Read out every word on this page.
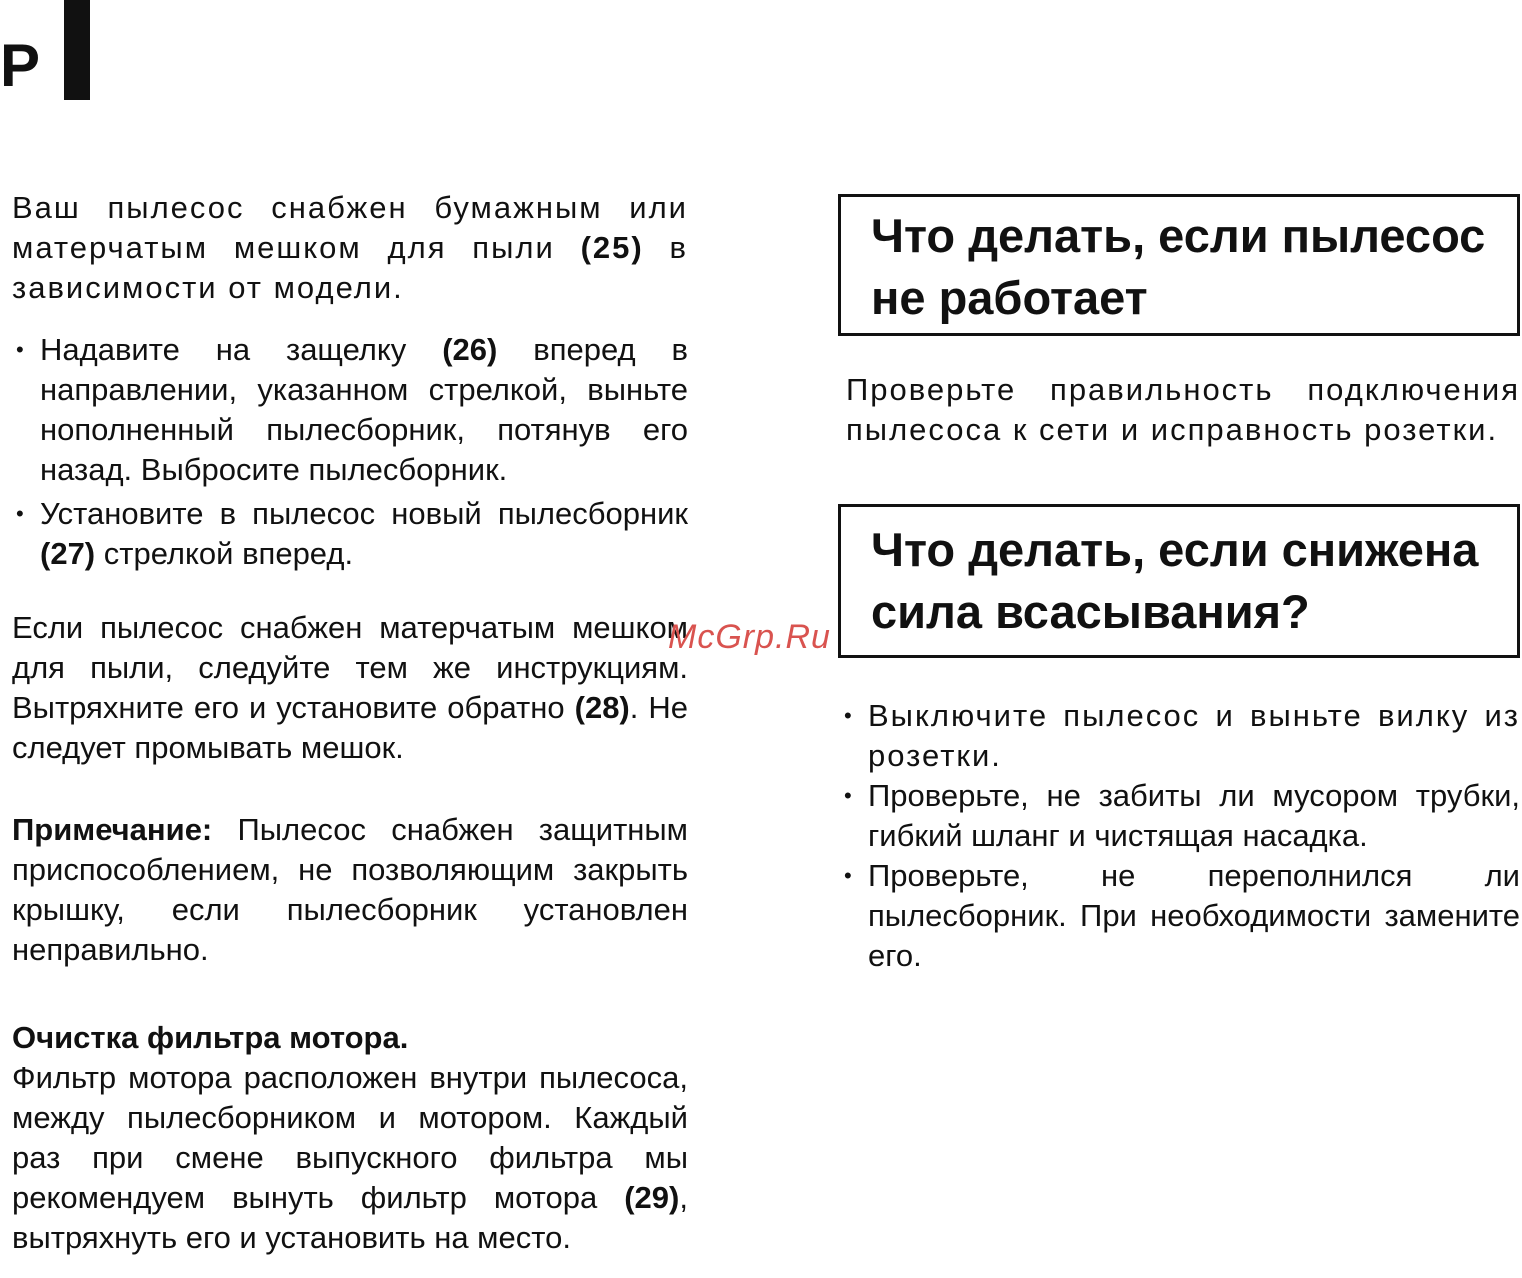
P

Ваш пылесос снабжен бумажным или матерчатым мешком для пыли (25) в зависимости от модели.

• Надавите на защелку (26) вперед в направлении, указанном стрелкой, выньте нополненный пылесборник, потянув его назад. Выбросите пылесборник.
• Установите в пылесос новый пылесборник (27) стрелкой вперед.

Если пылесос снабжен матерчатым мешком для пыли, следуйте тем же инструкциям. Вытряхните его и установите обратно (28). Не следует промывать мешок.

Примечание: Пылесос снабжен защитным приспособлением, не позволяющим закрыть крышку, если пылесборник установлен неправильно.

Очистка фильтра мотора.

Фильтр мотора расположен внутри пылесоса, между пылесборником и мотором. Каждый раз при смене выпускного фильтра мы рекомендуем вынуть фильтр мотора (29), вытряхнуть его и установить на место.

Что делать, если пылесос не работает

Проверьте правильность подключения пылесоса к сети и исправность розетки.

Что делать, если снижена сила всасывания?
• Выключите пылесос и выньте вилку из розетки.
• Проверьте, не забиты ли мусором трубки, гибкий шланг и чистящая насадка.
• Проверьте, не переполнился ли пылесборник. При необходимости замените его.
McGrp.Ru
